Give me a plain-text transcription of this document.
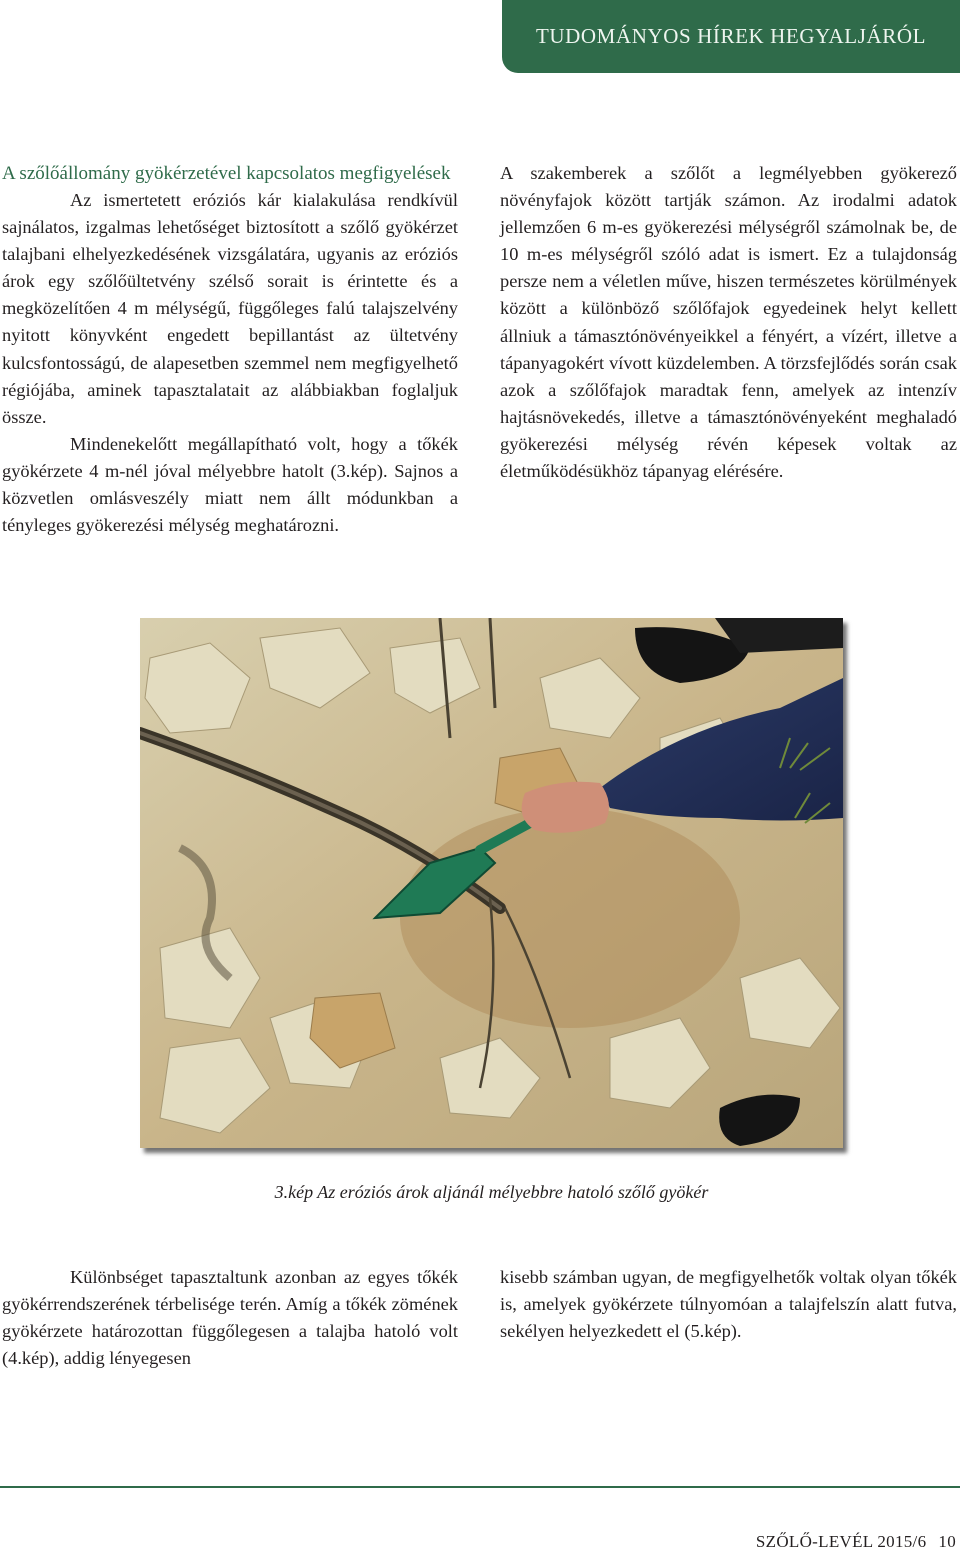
TUDOMÁNYOS HÍREK HEGYALJÁRÓL

A szőlőállomány gyökérzetével kapcsolatos megfigyelések

Az ismertetett eróziós kár kialakulása rendkívül sajnálatos, izgalmas lehetőséget biztosított a szőlő gyökérzet talajbani elhelyezkedésének vizsgálatára, ugyanis az eróziós árok egy szőlőültetvény szélső sorait is érintette és a megközelítően 4 m mélységű, függőleges falú talajszelvény nyitott könyvként engedett bepillantást az ültetvény kulcsfontosságú, de alapesetben szemmel nem megfigyelhető régiójába, aminek tapasztalatait az alábbiakban foglaljuk össze.

Mindenekelőtt megállapítható volt, hogy a tőkék gyökérzete 4 m-nél jóval mélyebbre hatolt (3.kép). Sajnos a közvetlen omlásveszély miatt nem állt módunkban a tényleges gyökerezési mélység meghatározni.

A szakemberek a szőlőt a legmélyebben gyökerező növényfajok között tartják számon. Az irodalmi adatok jellemzően 6 m-es gyökerezési mélységről számolnak be, de 10 m-es mélységről szóló adat is ismert. Ez a tulajdonság persze nem a véletlen műve, hiszen természetes körülmények között a különböző szőlőfajok egyedeinek helyt kellett állniuk a támasztónövényeikkel a fényért, a vízért, illetve a tápanyagokért vívott küzdelemben. A törzsfejlődés során csak azok a szőlőfajok maradtak fenn, amelyek az intenzív hajtásnövekedés, illetve a támasztónövényeként meghaladó gyökerezési mélység révén képesek voltak az életműködésükhöz tápanyag elérésére.

3.kép Az eróziós árok aljánál mélyebbre hatoló szőlő gyökér

Különbséget tapasztaltunk azonban az egyes tőkék gyökérrendszerének térbelisége terén. Amíg a tőkék zömének gyökérzete határozottan függőlegesen a talajba hatoló volt (4.kép), addig lényegesen

kisebb számban ugyan, de megfigyelhetők voltak olyan tőkék is, amelyek gyökérzete túlnyomóan a talajfelszín alatt futva, sekélyen helyezkedett el (5.kép).

SZŐLŐ-LEVÉL 2015/6 10
